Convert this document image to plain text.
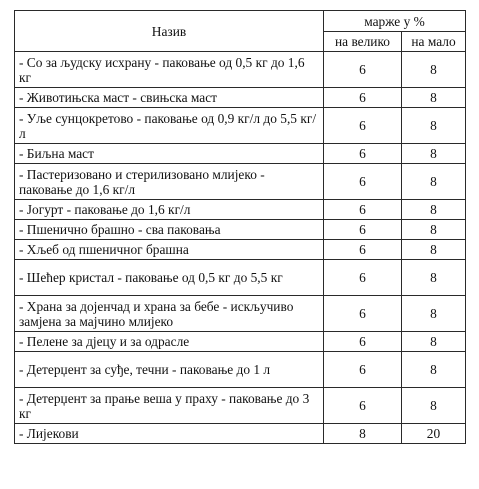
Назив	марже у %	
	на велико	на мало
- Со за људску исхрану - паковање од 0,5 кг до 1,6 кг	6	8
- Животињска маст - свињска маст	6	8
- Уље сунцокретово - паковање од 0,9 кг/л до 5,5 кг/л	6	8
- Биљна маст	6	8
- Пастеризовано и стерилизовано млијеко - паковање до 1,6 кг/л	6	8
- Јогурт - паковање до 1,6 кг/л	6	8
- Пшенично брашно - сва паковања	6	8
- Хљеб од пшеничног брашна	6	8
- Шећер кристал - паковање од 0,5 кг до 5,5 кг	6	8
- Храна за дојенчад и храна за бебе - искључиво замјена за мајчино млијеко	6	8
- Пелене за дјецу и за одрасле	6	8
- Детерџент за суђе, течни - паковање до 1 л	6	8
- Детерџент за прање веша у праху - паковање до 3 кг	6	8
- Лијекови	8	20
